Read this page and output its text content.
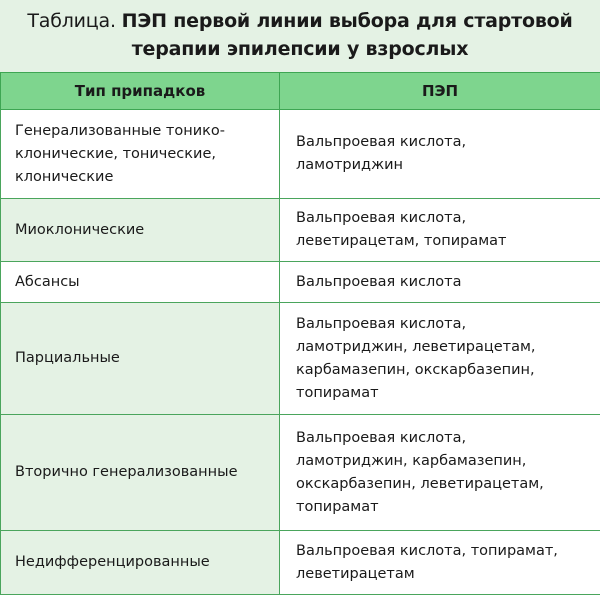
Таблица. ПЭП первой линии выбора для стартовой терапии эпилепсии у взрослых
Тип припадков	ПЭП
Генерализованные тонико-
клонические, тонические,
клонические	Вальпроевая кислота,
ламотриджин
Миоклонические	Вальпроевая кислота,
леветирацетам, топирамат
Абсансы	Вальпроевая кислота
Парциальные	Вальпроевая кислота,
ламотриджин, леветирацетам,
карбамазепин, окскарбазепин,
топирамат
Вторично генерализованные	Вальпроевая кислота,
ламотриджин, карбамазепин,
окскарбазепин, леветирацетам,
топирамат
Недифференцированные	Вальпроевая кислота, топирамат,
леветирацетам
